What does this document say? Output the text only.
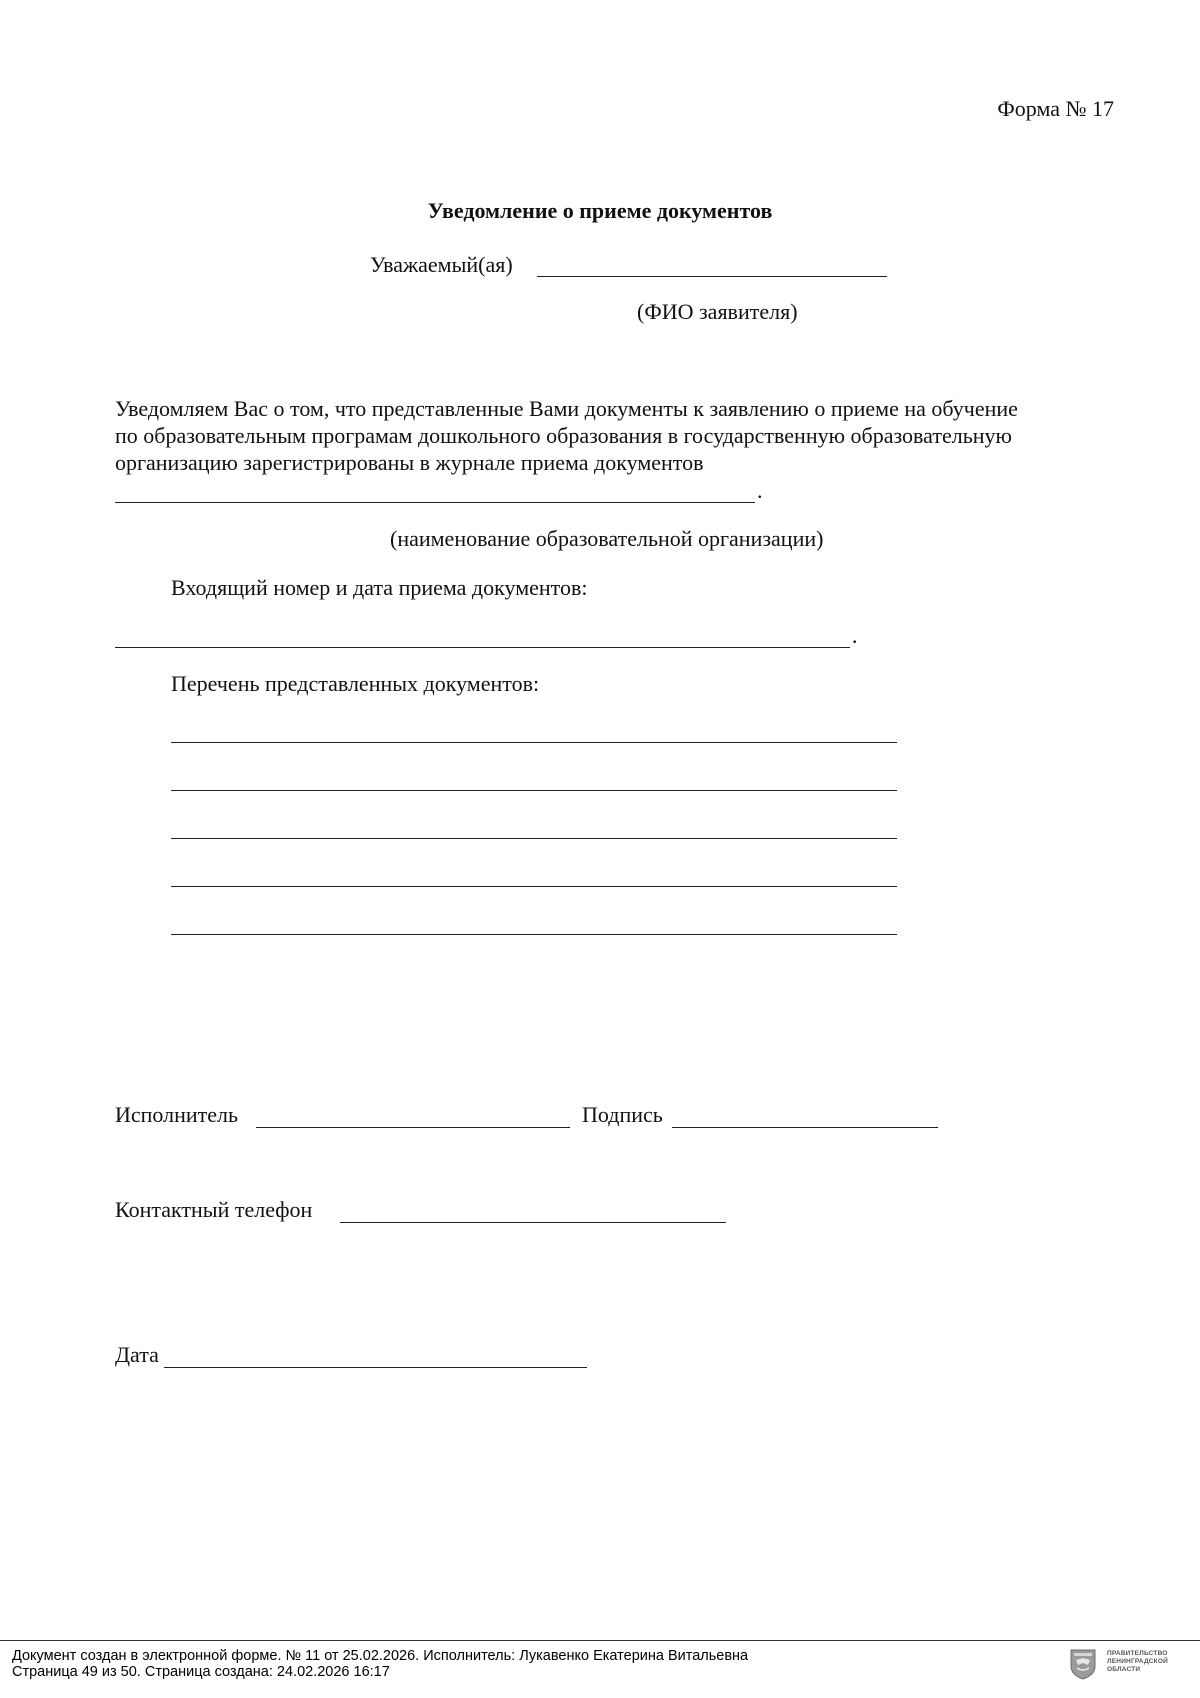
Форма № 17
Уведомление о приеме документов
Уважаемый(ая)
(ФИО заявителя)
Уведомляем Вас о том, что представленные Вами документы к заявлению о приеме на обучение
по образовательным програмам дошкольного образования в государственную образовательную
организацию зарегистрированы в журнале приема документов
.
(наименование образовательной организации)
Входящий номер и дата приема документов:
.
Перечень представленных документов:
Исполнитель	Подпись
Контактный телефон
Дата
Документ создан в электронной форме. № 11 от 25.02.2026. Исполнитель: Лукавенко Екатерина Витальевна
Страница 49 из 50. Страница создана: 24.02.2026 16:17
ПРАВИТЕЛЬСТВО
ЛЕНИНГРАДСКОЙ
ОБЛАСТИ
